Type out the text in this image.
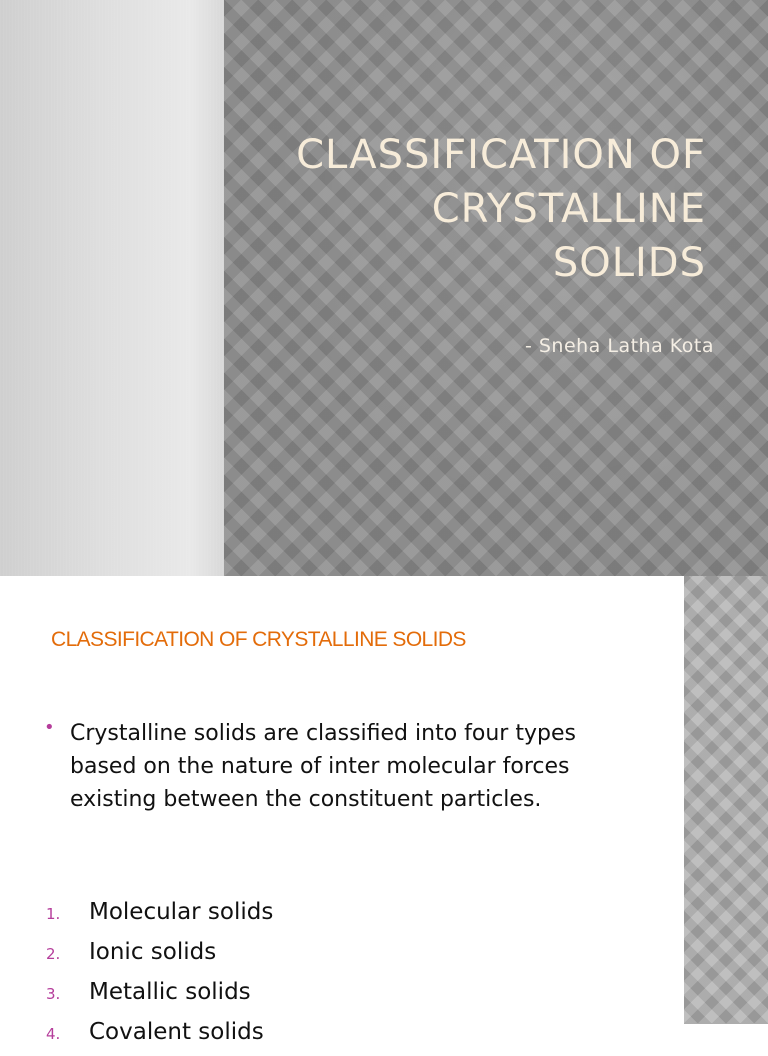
CLASSIFICATION OF
CRYSTALLINE
SOLIDS
- Sneha Latha Kota
CLASSIFICATION OF CRYSTALLINE SOLIDS
• Crystalline solids are classified into four types based on the nature of inter molecular forces existing between the constituent particles.
1. Molecular solids
2. Ionic solids
3. Metallic solids
4. Covalent solids
